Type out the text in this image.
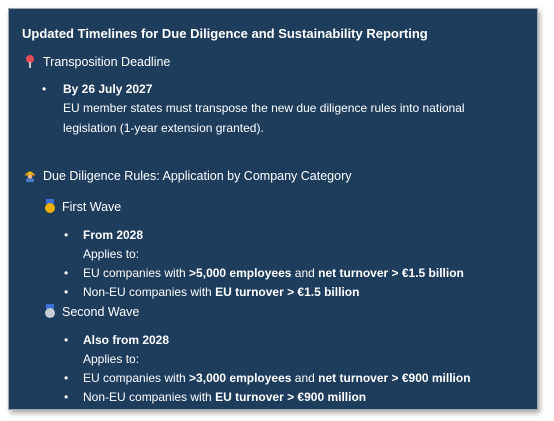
Updated Timelines for Due Diligence and Sustainability Reporting
Transposition Deadline
• By 26 July 2027
EU member states must transpose the new due diligence rules into national
legislation (1-year extension granted).
Due Diligence Rules: Application by Company Category
First Wave
• From 2028
Applies to:
• EU companies with >5,000 employees and net turnover > €1.5 billion
• Non-EU companies with EU turnover > €1.5 billion
Second Wave
• Also from 2028
Applies to:
• EU companies with >3,000 employees and net turnover > €900 million
• Non-EU companies with EU turnover > €900 million
